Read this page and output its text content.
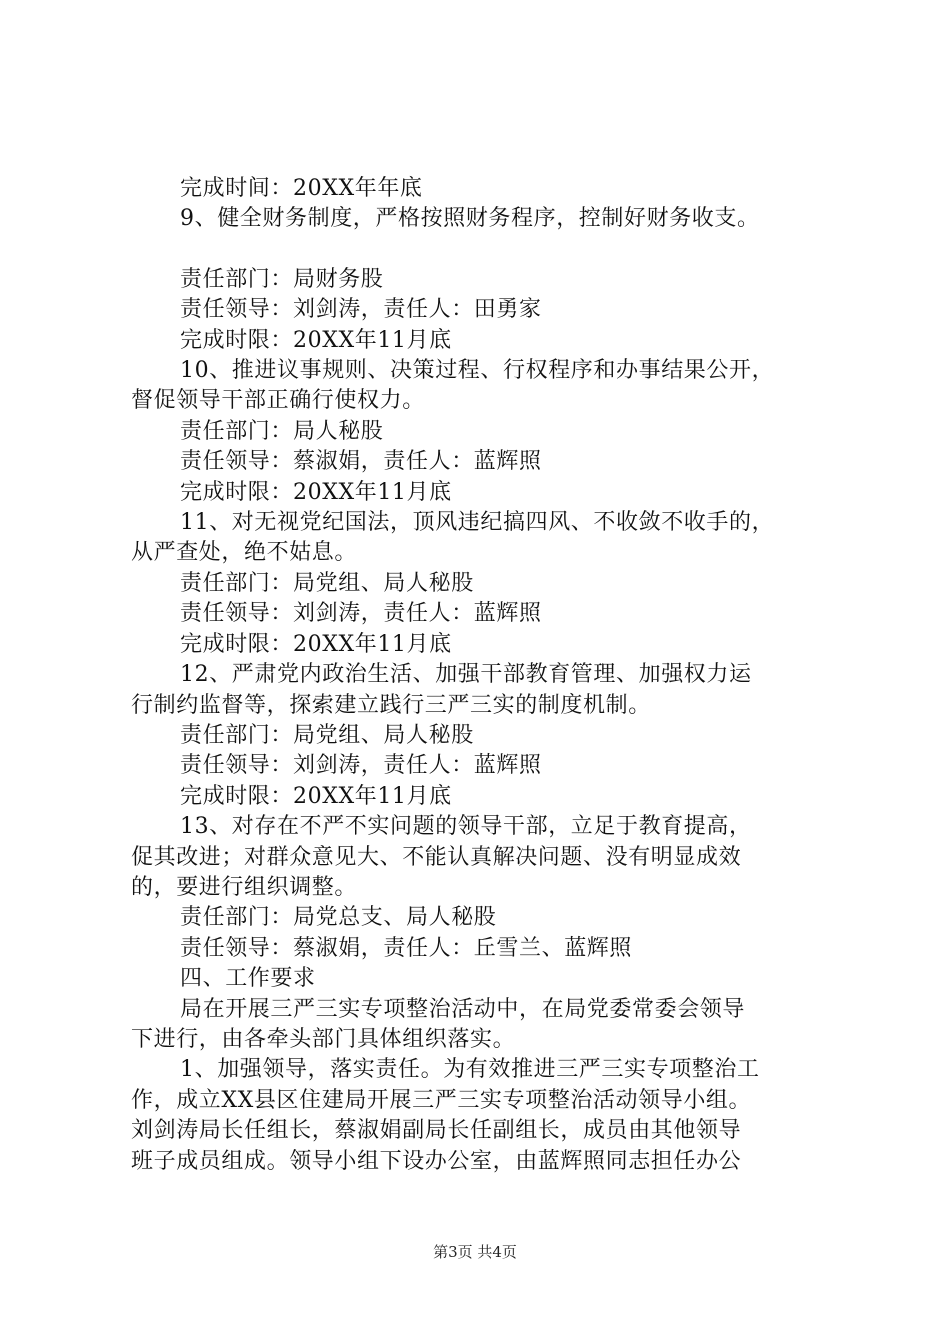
完成时间：20XX年年底
9、健全财务制度，严格按照财务程序，控制好财务收支。
责任部门：局财务股
责任领导：刘剑涛，责任人：田勇家
完成时限：20XX年11月底
10、推进议事规则、决策过程、行权程序和办事结果公开，
督促领导干部正确行使权力。
责任部门：局人秘股
责任领导：蔡淑娟，责任人：蓝辉照
完成时限：20XX年11月底
11、对无视党纪国法，顶风违纪搞四风、不收敛不收手的，
从严查处，绝不姑息。
责任部门：局党组、局人秘股
责任领导：刘剑涛，责任人：蓝辉照
完成时限：20XX年11月底
12、严肃党内政治生活、加强干部教育管理、加强权力运
行制约监督等，探索建立践行三严三实的制度机制。
责任部门：局党组、局人秘股
责任领导：刘剑涛，责任人：蓝辉照
完成时限：20XX年11月底
13、对存在不严不实问题的领导干部，立足于教育提高，
促其改进；对群众意见大、不能认真解决问题、没有明显成效
的，要进行组织调整。
责任部门：局党总支、局人秘股
责任领导：蔡淑娟，责任人：丘雪兰、蓝辉照
四、工作要求
局在开展三严三实专项整治活动中，在局党委常委会领导
下进行，由各牵头部门具体组织落实。
1、加强领导，落实责任。为有效推进三严三实专项整治工
作，成立XX县区住建局开展三严三实专项整治活动领导小组。
刘剑涛局长任组长，蔡淑娟副局长任副组长，成员由其他领导
班子成员组成。领导小组下设办公室，由蓝辉照同志担任办公
第3页 共4页
